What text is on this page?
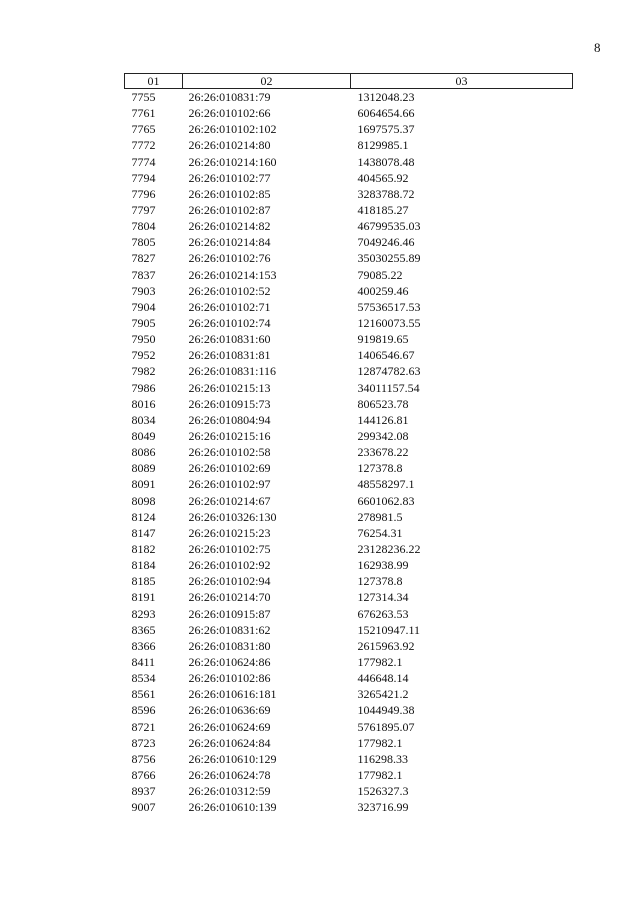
8
01	02	03
7755	26:26:010831:79	1312048.23
7761	26:26:010102:66	6064654.66
7765	26:26:010102:102	1697575.37
7772	26:26:010214:80	8129985.1
7774	26:26:010214:160	1438078.48
7794	26:26:010102:77	404565.92
7796	26:26:010102:85	3283788.72
7797	26:26:010102:87	418185.27
7804	26:26:010214:82	46799535.03
7805	26:26:010214:84	7049246.46
7827	26:26:010102:76	35030255.89
7837	26:26:010214:153	79085.22
7903	26:26:010102:52	400259.46
7904	26:26:010102:71	57536517.53
7905	26:26:010102:74	12160073.55
7950	26:26:010831:60	919819.65
7952	26:26:010831:81	1406546.67
7982	26:26:010831:116	12874782.63
7986	26:26:010215:13	34011157.54
8016	26:26:010915:73	806523.78
8034	26:26:010804:94	144126.81
8049	26:26:010215:16	299342.08
8086	26:26:010102:58	233678.22
8089	26:26:010102:69	127378.8
8091	26:26:010102:97	48558297.1
8098	26:26:010214:67	6601062.83
8124	26:26:010326:130	278981.5
8147	26:26:010215:23	76254.31
8182	26:26:010102:75	23128236.22
8184	26:26:010102:92	162938.99
8185	26:26:010102:94	127378.8
8191	26:26:010214:70	127314.34
8293	26:26:010915:87	676263.53
8365	26:26:010831:62	15210947.11
8366	26:26:010831:80	2615963.92
8411	26:26:010624:86	177982.1
8534	26:26:010102:86	446648.14
8561	26:26:010616:181	3265421.2
8596	26:26:010636:69	1044949.38
8721	26:26:010624:69	5761895.07
8723	26:26:010624:84	177982.1
8756	26:26:010610:129	116298.33
8766	26:26:010624:78	177982.1
8937	26:26:010312:59	1526327.3
9007	26:26:010610:139	323716.99
